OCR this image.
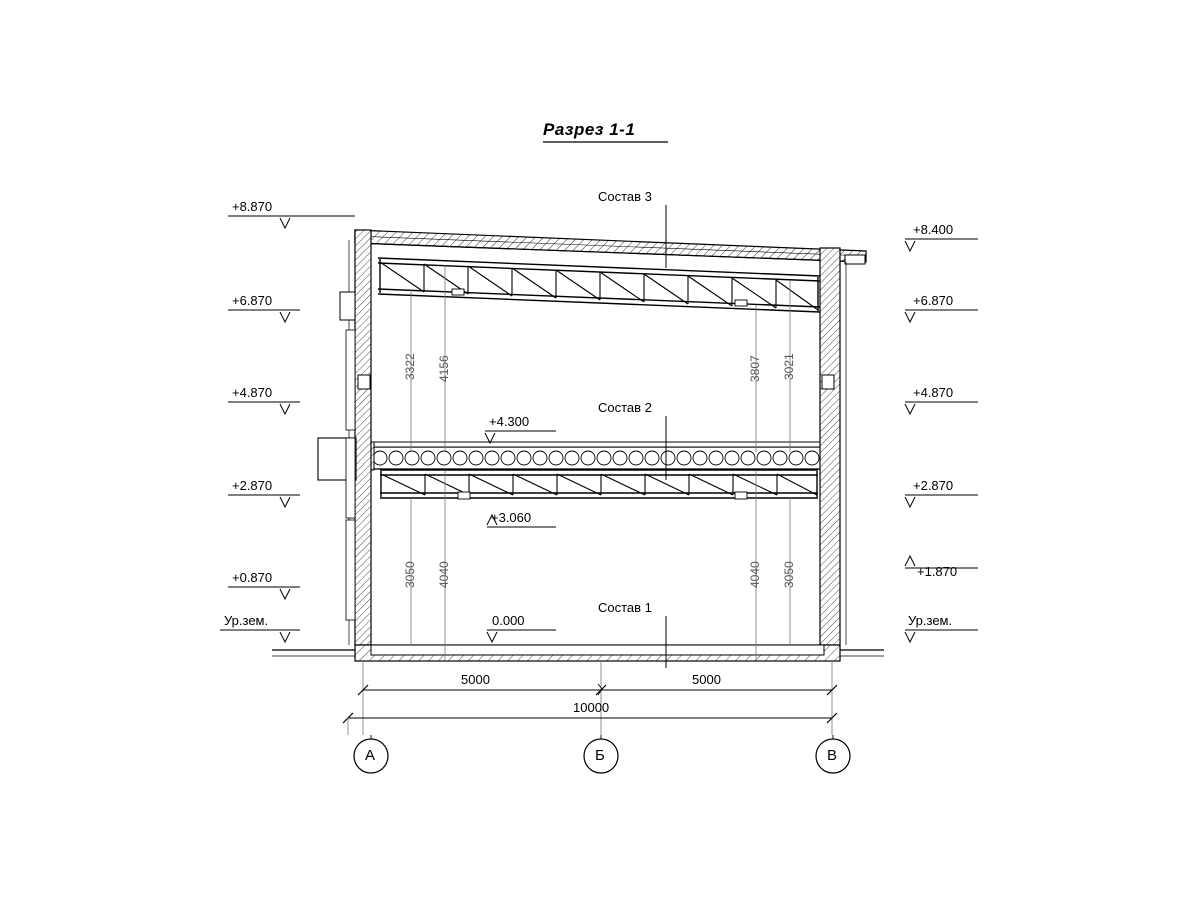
Разрез 1-1
Состав 3
Состав 2
Состав 1
+8.870
+6.870
+4.870
+2.870
+0.870
Ур.зем.
+8.400
+6.870
+4.870
+2.870
+1.870
Ур.зем.
+4.300
+3.060
0.000
3322 4156	3807 3021
3050 4040	4040 3050
5000	5000
10000
А	Б	В
